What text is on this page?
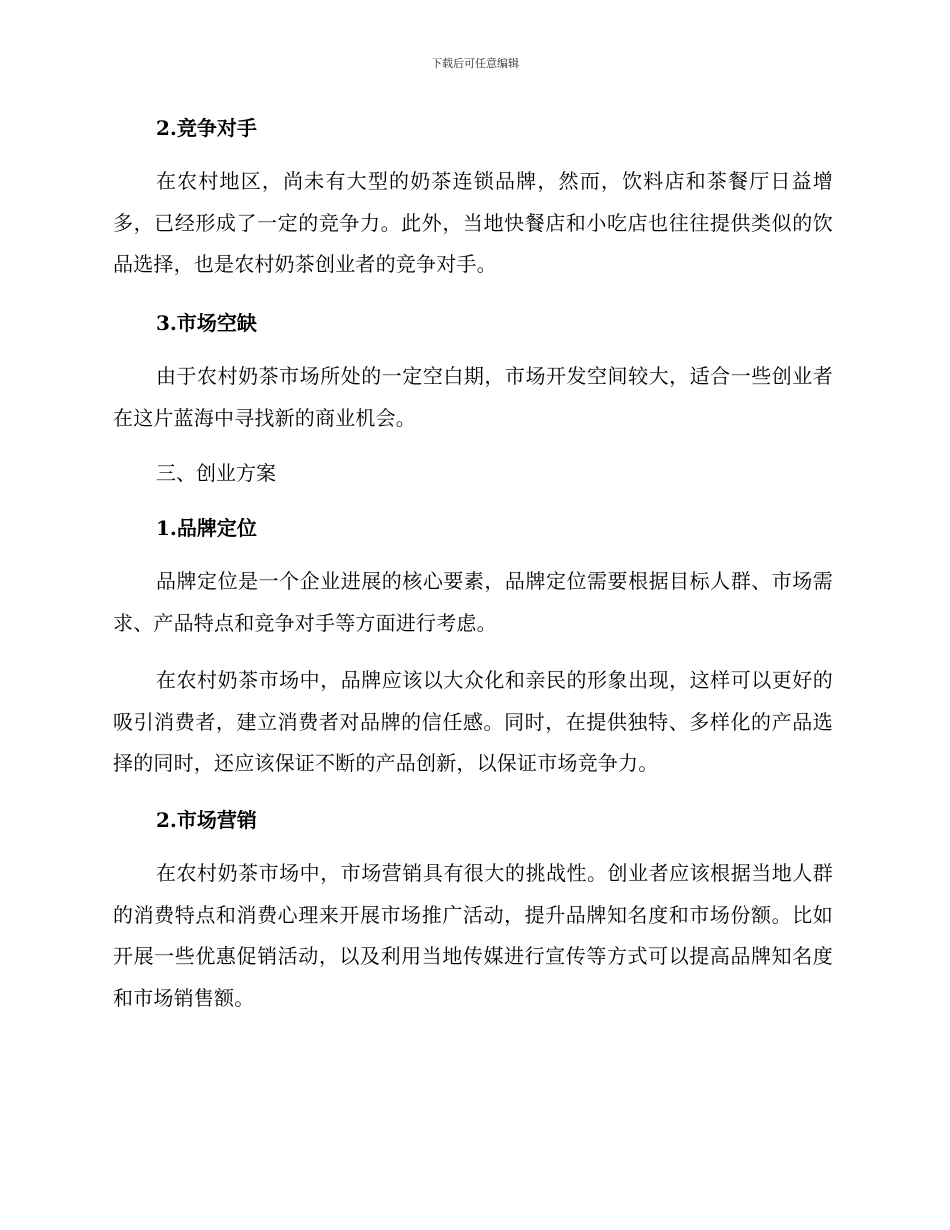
下载后可任意编辑
2.竞争对手
在农村地区，尚未有大型的奶茶连锁品牌，然而，饮料店和茶餐厅日益增多，已经形成了一定的竞争力。此外，当地快餐店和小吃店也往往提供类似的饮品选择，也是农村奶茶创业者的竞争对手。
3.市场空缺
由于农村奶茶市场所处的一定空白期，市场开发空间较大，适合一些创业者在这片蓝海中寻找新的商业机会。
三、创业方案
1.品牌定位
品牌定位是一个企业进展的核心要素，品牌定位需要根据目标人群、市场需求、产品特点和竞争对手等方面进行考虑。
在农村奶茶市场中，品牌应该以大众化和亲民的形象出现，这样可以更好的吸引消费者，建立消费者对品牌的信任感。同时，在提供独特、多样化的产品选择的同时，还应该保证不断的产品创新，以保证市场竞争力。
2.市场营销
在农村奶茶市场中，市场营销具有很大的挑战性。创业者应该根据当地人群的消费特点和消费心理来开展市场推广活动，提升品牌知名度和市场份额。比如开展一些优惠促销活动，以及利用当地传媒进行宣传等方式可以提高品牌知名度和市场销售额。
